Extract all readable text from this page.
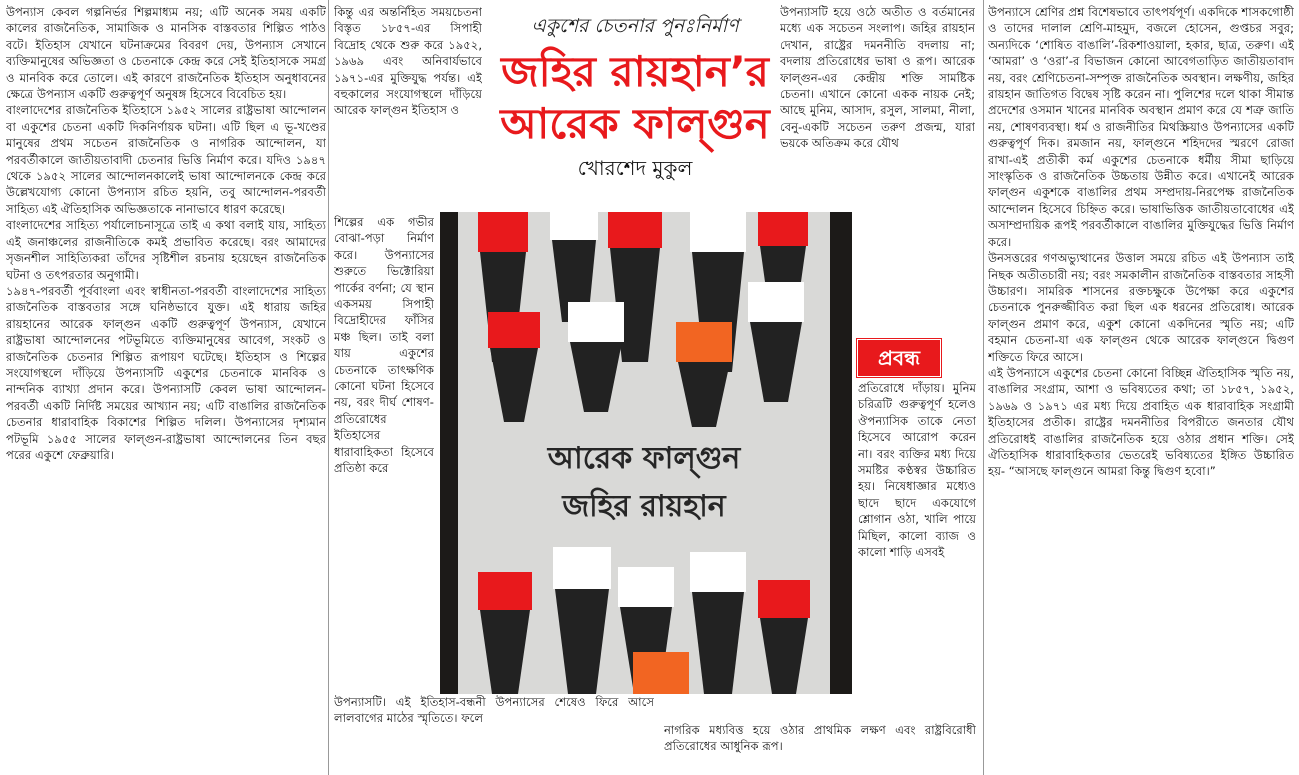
উপন্যাস কেবল গল্পনির্ভর শিল্পমাধ্যম নয়; এটি অনেক সময় একটি কালের রাজনৈতিক, সামাজিক ও মানসিক বাস্তবতার শিল্পিত পাঠও বটে। ইতিহাস যেখানে ঘটনাক্রমের বিবরণ দেয়, উপন্যাস সেখানে ব্যক্তিমানুষের অভিজ্ঞতা ও চেতনাকে কেন্দ্র করে সেই ইতিহাসকে সমগ্র ও মানবিক করে তোলে। এই কারণে রাজনৈতিক ইতিহাস অনুধাবনের ক্ষেত্রে উপন্যাস একটি গুরুত্বপূর্ণ অনুষঙ্গ হিসেবে বিবেচিত হয়।

বাংলাদেশের রাজনৈতিক ইতিহাসে ১৯৫২ সালের রাষ্ট্রভাষা আন্দোলন বা একুশের চেতনা একটি দিকনির্ণায়ক ঘটনা। এটি ছিল এ ভূ-খণ্ডের মানুষের প্রথম সচেতন রাজনৈতিক ও নাগরিক আন্দোলন, যা পরবর্তীকালে জাতীয়তাবাদী চেতনার ভিত্তি নির্মাণ করে। যদিও ১৯৪৭ থেকে ১৯৫২ সালের আন্দোলনকালেই ভাষা আন্দোলনকে কেন্দ্র করে উল্লেখযোগ্য কোনো উপন্যাস রচিত হয়নি, তবু আন্দোলন-পরবর্তী সাহিত্য এই ঐতিহাসিক অভিজ্ঞতাকে নানাভাবে ধারণ করেছে।

বাংলাদেশের সাহিত্য পর্যালোচনাসূত্রে তাই এ কথা বলাই যায়, সাহিত্য এই জনাঞ্চলের রাজনীতিকে কমই প্রভাবিত করেছে। বরং আমাদের সৃজনশীল সাহিত্যিকরা তাঁদের সৃষ্টিশীল রচনায় হয়েছেন রাজনৈতিক ঘটনা ও তৎপরতার অনুগামী।

১৯৪৭-পরবর্তী পূর্ববাংলা এবং স্বাধীনতা-পরবর্তী বাংলাদেশের সাহিত্য রাজনৈতিক বাস্তবতার সঙ্গে ঘনিষ্ঠভাবে যুক্ত। এই ধারায় জহির রায়হানের আরেক ফাল্গুন একটি গুরুত্বপূর্ণ উপন্যাস, যেখানে রাষ্ট্রভাষা আন্দোলনের পটভূমিতে ব্যক্তিমানুষের আবেগ, সংকট ও রাজনৈতিক চেতনার শিল্পিত রূপায়ণ ঘটেছে। ইতিহাস ও শিল্পের সংযোগস্থলে দাঁড়িয়ে উপন্যাসটি একুশের চেতনাকে মানবিক ও নান্দনিক ব্যাখ্যা প্রদান করে। উপন্যাসটি কেবল ভাষা আন্দোলন-পরবর্তী একটি নির্দিষ্ট সময়ের আখ্যান নয়; এটি বাঙালির রাজনৈতিক চেতনার ধারাবাহিক বিকাশের শিল্পিত দলিল। উপন্যাসের দৃশ্যমান পটভূমি ১৯৫৫ সালের ফাল্গুন-রাষ্ট্রভাষা আন্দোলনের তিন বছর পরের একুশে ফেব্রুয়ারি।

কিন্তু এর অন্তর্নিহিত সময়চেতনা বিস্তৃত ১৮৫৭-এর সিপাহী বিদ্রোহ থেকে শুরু করে ১৯৫২, ১৯৬৯ এবং অনিবার্যভাবে ১৯৭১-এর মুক্তিযুদ্ধ পর্যন্ত। এই বহুকালের সংযোগস্থলে দাঁড়িয়ে আরেক ফাল্গুন ইতিহাস ও

শিল্পের এক গভীর বোঝা-পড়া নির্মাণ করে। উপন্যাসের শুরুতে ভিক্টোরিয়া পার্কের বর্ণনা; যে স্থান একসময় সিপাহী বিদ্রোহীদের ফাঁসির মঞ্চ ছিল। তাই বলা যায় একুশের চেতনাকে তাৎক্ষণিক কোনো ঘটনা হিসেবে নয়, বরং দীর্ঘ শোষণ-প্রতিরোধের ইতিহাসের ধারাবাহিকতা হিসেবে প্রতিষ্ঠা করে

উপন্যাসটি। এই ইতিহাস-বন্ধনী উপন্যাসের শেষেও ফিরে আসে লালবাগের মাঠের স্মৃতিতে। ফলে

একুশের চেতনার পুনঃনির্মাণ
জহির রায়হান’র
আরেক ফাল্গুন
খোরশেদ মুকুল
আরেক ফাল্গুন
জহির রায়হান

উপন্যাসটি হয়ে ওঠে অতীত ও বর্তমানের মধ্যে এক সচেতন সংলাপ। জহির রায়হান দেখান, রাষ্ট্রের দমননীতি বদলায় না; বদলায় প্রতিরোধের ভাষা ও রূপ। আরেক ফাল্গুন-এর কেন্দ্রীয় শক্তি সামষ্টিক চেতনা। এখানে কোনো একক নায়ক নেই; আছে মুনিম, আসাদ, রসুল, সালমা, নীলা, বেনু-একটি সচেতন তরুণ প্রজন্ম, যারা ভয়কে অতিক্রম করে যৌথ

প্রবন্ধ

প্রতিরোধে দাঁড়ায়। মুনিম চরিত্রটি গুরুত্বপূর্ণ হলেও ঔপন্যাসিক তাকে নেতা হিসেবে আরোপ করেন না। বরং ব্যক্তির মধ্য দিয়ে সমষ্টির কণ্ঠস্বর উচ্চারিত হয়। নিষেধাজ্ঞার মধ্যেও ছাদে ছাদে একযোগে শ্লোগান ওঠা, খালি পায়ে মিছিল, কালো ব্যাজ ও কালো শাড়ি এসবই

নাগরিক মধ্যবিত্ত হয়ে ওঠার প্রাথমিক লক্ষণ এবং রাষ্ট্রবিরোধী প্রতিরোধের আধুনিক রূপ।

উপন্যাসে শ্রেণির প্রশ্ন বিশেষভাবে তাৎপর্যপূর্ণ। একদিকে শাসকগোষ্ঠী ও তাদের দালাল শ্রেণি-মাহমুদ, বজলে হোসেন, গুপ্তচর সবুর; অন্যদিকে ‘শোষিত বাঙালি’-রিকশাওয়ালা, হকার, ছাত্র, তরুণ। এই ‘আমরা’ ও ‘ওরা’-র বিভাজন কোনো আবেগতাড়িত জাতীয়তাবাদ নয়, বরং শ্রেণিচেতনা-সম্পৃক্ত রাজনৈতিক অবস্থান। লক্ষণীয়, জহির রায়হান জাতিগত বিদ্বেষ সৃষ্টি করেন না। পুলিশের দলে থাকা সীমান্ত প্রদেশের ওসমান খানের মানবিক অবস্থান প্রমাণ করে যে শত্রু জাতি নয়, শোষণব্যবস্থা। ধর্ম ও রাজনীতির মিথস্ক্রিয়াও উপন্যাসের একটি গুরুত্বপূর্ণ দিক। রমজান নয়, ফাল্গুনে শহিদদের স্মরণে রোজা রাখা-এই প্রতীকী কর্ম একুশের চেতনাকে ধর্মীয় সীমা ছাড়িয়ে সাংস্কৃতিক ও রাজনৈতিক উচ্চতায় উন্নীত করে। এখানেই আরেক ফাল্গুন একুশকে বাঙালির প্রথম সম্প্রদায়-নিরপেক্ষ রাজনৈতিক আন্দোলন হিসেবে চিহ্নিত করে। ভাষাভিত্তিক জাতীয়তাবোধের এই অসাম্প্রদায়িক রূপই পরবর্তীকালে বাঙালির মুক্তিযুদ্ধের ভিত্তি নির্মাণ করে।

উনসত্তরের গণঅভ্যুত্থানের উত্তাল সময়ে রচিত এই উপন্যাস তাই নিছক অতীতচারী নয়; বরং সমকালীন রাজনৈতিক বাস্তবতার সাহসী উচ্চারণ। সামরিক শাসনের রক্তচক্ষুকে উপেক্ষা করে একুশের চেতনাকে পুনরুজ্জীবিত করা ছিল এক ধরনের প্রতিরোধ। আরেক ফাল্গুন প্রমাণ করে, একুশ কোনো একদিনের স্মৃতি নয়; এটি বহমান চেতনা-যা এক ফাল্গুন থেকে আরেক ফাল্গুনে দ্বিগুণ শক্তিতে ফিরে আসে।

এই উপন্যাসে একুশের চেতনা কোনো বিচ্ছিন্ন ঐতিহাসিক স্মৃতি নয়, বাঙালির সংগ্রাম, আশা ও ভবিষ্যতের কথা; তা ১৮৫৭, ১৯৫২, ১৯৬৯ ও ১৯৭১ এর মধ্য দিয়ে প্রবাহিত এক ধারাবাহিক সংগ্রামী ইতিহাসের প্রতীক। রাষ্ট্রের দমননীতির বিপরীতে জনতার যৌথ প্রতিরোধই বাঙালির রাজনৈতিক হয়ে ওঠার প্রধান শক্তি। সেই ঐতিহাসিক ধারাবাহিকতার ভেতরেই ভবিষ্যতের ইঙ্গিত উচ্চারিত হয়- “আসছে ফাল্গুনে আমরা কিন্তু দ্বিগুণ হবো।”
